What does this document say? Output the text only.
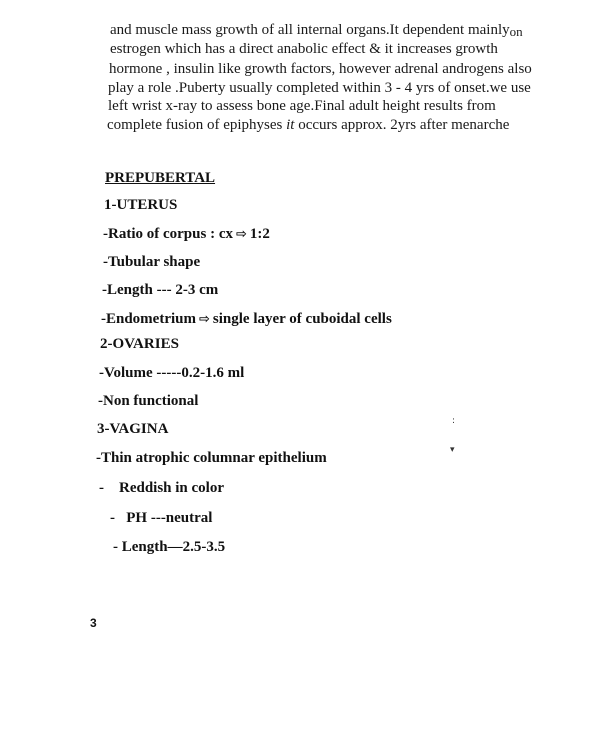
and muscle mass growth of all internal organs.It dependent mainlyon
estrogen which has a direct anabolic effect & it increases growth
hormone , insulin like growth factors, however adrenal androgens also
play a role .Puberty usually completed within 3 - 4 yrs of onset.we use
left wrist x-ray to assess bone age.Final adult height results from
complete fusion of epiphyses it occurs approx. 2yrs after menarche
PREPUBERTAL
1-UTERUS
-Ratio of corpus : cx ⇨ 1:2
-Tubular shape
-Length --- 2-3 cm
-Endometrium ⇨ single layer of cuboidal cells
2-OVARIES
-Volume -----0.2-1.6 ml
-Non functional
3-VAGINA
-Thin atrophic columnar epithelium
-    Reddish in color
-   PH ---neutral
- Length—2.5-3.5
:
▾
3
